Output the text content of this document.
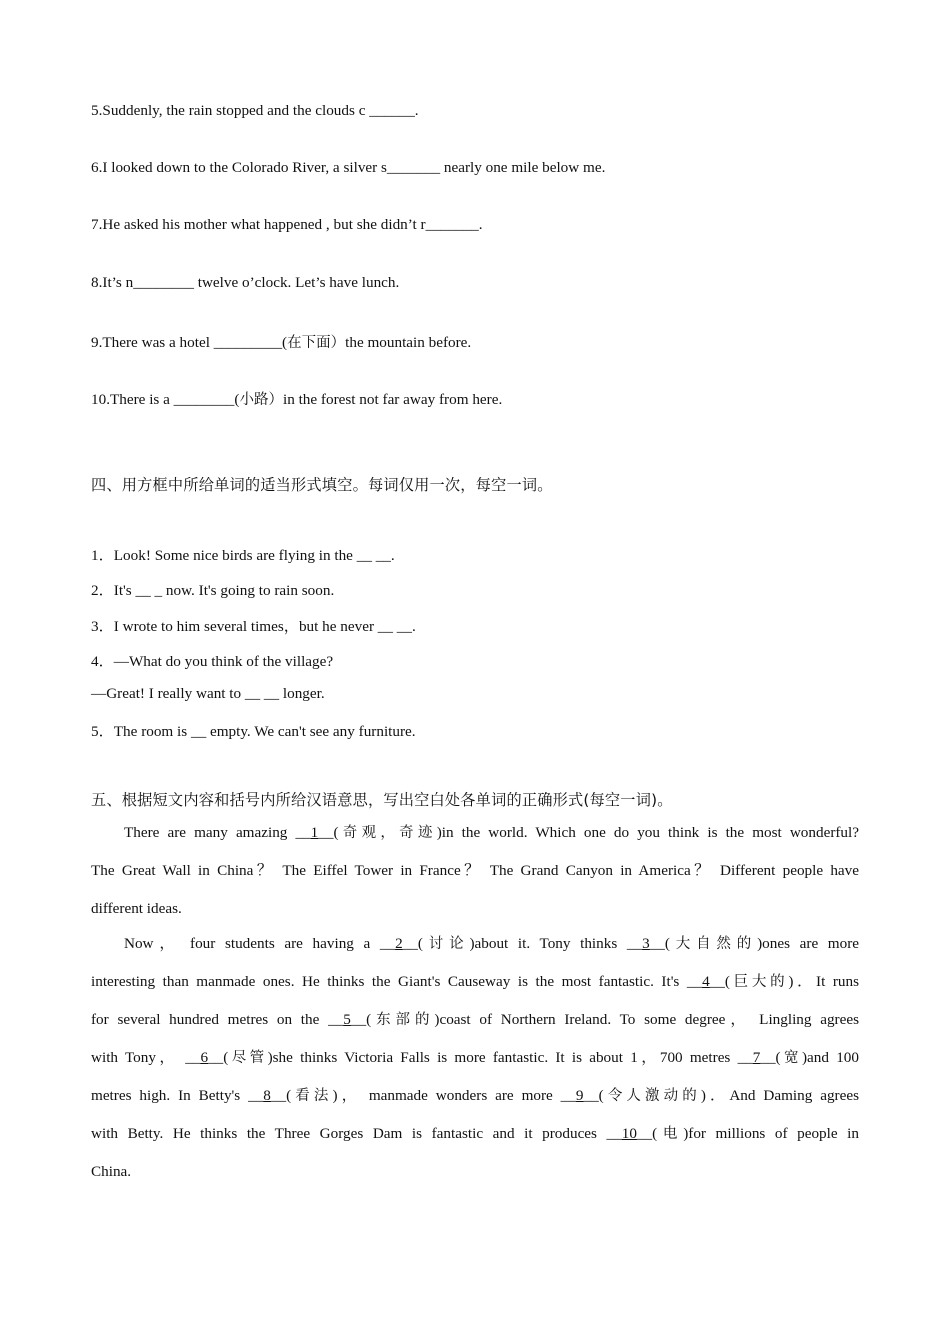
5.Suddenly, the rain stopped and the clouds c ______.
6.I looked down to the Colorado River, a silver s_______ nearly one mile below me.
7.He asked his mother what happened , but she didn’t r_______.
8.It’s n________ twelve o’clock. Let’s have lunch.
9.There was a hotel _________(在下面）the mountain before.
10.There is a ________(小路）in the forest not far away from here.
四、用方框中所给单词的适当形式填空。每词仅用一次，每空一词。
1．Look! Some nice birds are flying in the __ __.
2．It's __ _ now. It's going to rain soon.
3．I wrote to him several times，but he never __ __.
4．—What do you think of the village?
—Great! I really want to __ __ longer.
5．The room is __ empty. We can't see any furniture.
五、根据短文内容和括号内所给汉语意思，写出空白处各单词的正确形式(每空一词)。
There are many amazing __1__(奇观，奇迹)in the world. Which one do you think is the most wonderful?
The Great Wall in China？ The Eiffel Tower in France？ The Grand Canyon in America？ Different people have
different ideas.
Now， four students are having a __2__(讨论)about it. Tony thinks __3__(大自然的)ones are more
interesting than manmade ones. He thinks the Giant's Causeway is the most fantastic. It's __4__(巨大的)．It runs
for several hundred metres on the __5__(东部的)coast of Northern Ireland. To some degree， Lingling agrees
with Tony， __6__(尽管)she thinks Victoria Falls is more fantastic. It is about 1，700 metres __7__(宽)and 100
metres high. In Betty's __8__(看法)， manmade wonders are more __9__(令人激动的)．And Daming agrees
with Betty. He thinks the Three Gorges Dam is fantastic and it produces __10__(电)for millions of people in
China.
